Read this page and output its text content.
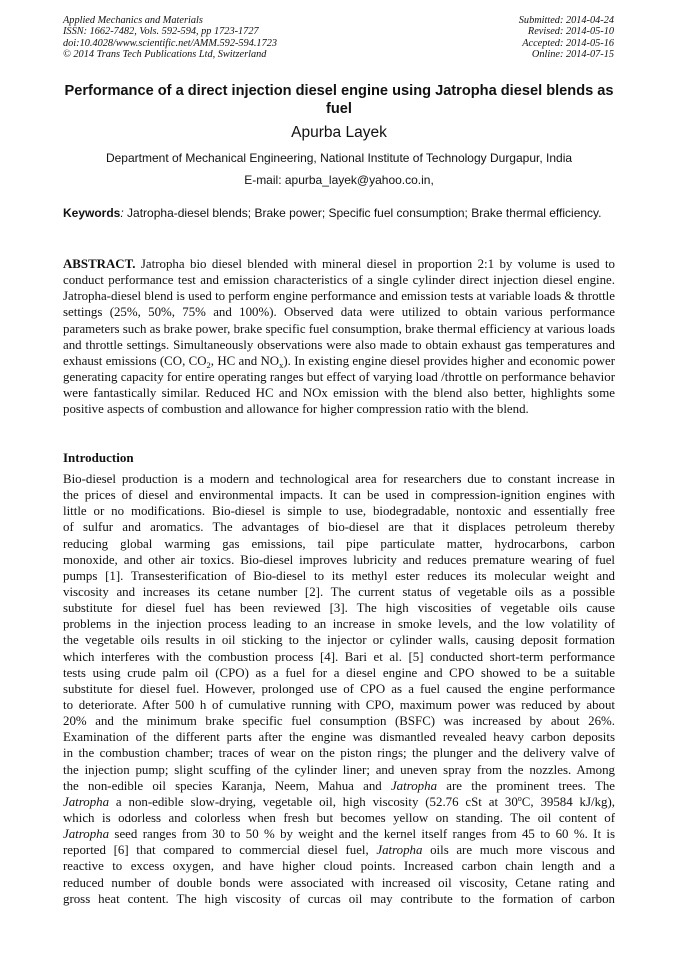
Applied Mechanics and Materials
ISSN: 1662-7482, Vols. 592-594, pp 1723-1727
doi:10.4028/www.scientific.net/AMM.592-594.1723
© 2014 Trans Tech Publications Ltd, Switzerland
Submitted: 2014-04-24
Revised: 2014-05-10
Accepted: 2014-05-16
Online: 2014-07-15
Performance of a direct injection diesel engine using Jatropha diesel blends as fuel
Apurba Layek
Department of Mechanical Engineering, National Institute of Technology Durgapur, India
E-mail: apurba_layek@yahoo.co.in,
Keywords: Jatropha-diesel blends; Brake power; Specific fuel consumption; Brake thermal efficiency.
ABSTRACT. Jatropha bio diesel blended with mineral diesel in proportion 2:1 by volume is used to conduct performance test and emission characteristics of a single cylinder direct injection diesel engine. Jatropha-diesel blend is used to perform engine performance and emission tests at variable loads & throttle settings (25%, 50%, 75% and 100%). Observed data were utilized to obtain various performance parameters such as brake power, brake specific fuel consumption, brake thermal efficiency at various loads and throttle settings. Simultaneously observations were also made to obtain exhaust gas temperatures and exhaust emissions (CO, $CO_2$, HC and $NO_x$). In existing engine diesel provides higher and economic power generating capacity for entire operating ranges but effect of varying load /throttle on performance behavior were fantastically similar. Reduced HC and NOx emission with the blend also better, highlights some positive aspects of combustion and allowance for higher compression ratio with the blend.
Introduction
Bio-diesel production is a modern and technological area for researchers due to constant increase in
the prices of diesel and environmental impacts. It can be used in compression-ignition engines with
little or no modifications. Bio-diesel is simple to use, biodegradable, nontoxic and essentially free
of sulfur and aromatics. The advantages of bio-diesel are that it displaces petroleum thereby
reducing global warming gas emissions, tail pipe particulate matter, hydrocarbons, carbon
monoxide, and other air toxics. Bio-diesel improves lubricity and reduces premature wearing of fuel
pumps [1]. Transesterification of Bio-diesel to its methyl ester reduces its molecular weight and
viscosity and increases its cetane number [2]. The current status of vegetable oils as a possible
substitute for diesel fuel has been reviewed [3]. The high viscosities of vegetable oils cause
problems in the injection process leading to an increase in smoke levels, and the low volatility of
the vegetable oils results in oil sticking to the injector or cylinder walls, causing deposit formation
which interferes with the combustion process [4]. Bari et al. [5] conducted short-term performance
tests using crude palm oil (CPO) as a fuel for a diesel engine and CPO showed to be a suitable
substitute for diesel fuel. However, prolonged use of CPO as a fuel caused the engine performance
to deteriorate. After 500 h of cumulative running with CPO, maximum power was reduced by about
20% and the minimum brake specific fuel consumption (BSFC) was increased by about 26%.
Examination of the different parts after the engine was dismantled revealed heavy carbon deposits
in the combustion chamber; traces of wear on the piston rings; the plunger and the delivery valve of
the injection pump; slight scuffing of the cylinder liner; and uneven spray from the nozzles. Among
the non-edible oil species Karanja, Neem, Mahua and Jatropha are the prominent trees. The
Jatropha a non-edible slow-drying, vegetable oil, high viscosity (52.76 cSt at 30$^o$C, 39584 kJ/kg),
which is odorless and colorless when fresh but becomes yellow on standing. The oil content of
Jatropha seed ranges from 30 to 50 % by weight and the kernel itself ranges from 45 to 60 %. It is
reported [6] that compared to commercial diesel fuel, Jatropha oils are much more viscous and
reactive to excess oxygen, and have higher cloud points. Increased carbon chain length and a
reduced number of double bonds were associated with increased oil viscosity, Cetane rating and
gross heat content. The high viscosity of curcas oil may contribute to the formation of carbon
